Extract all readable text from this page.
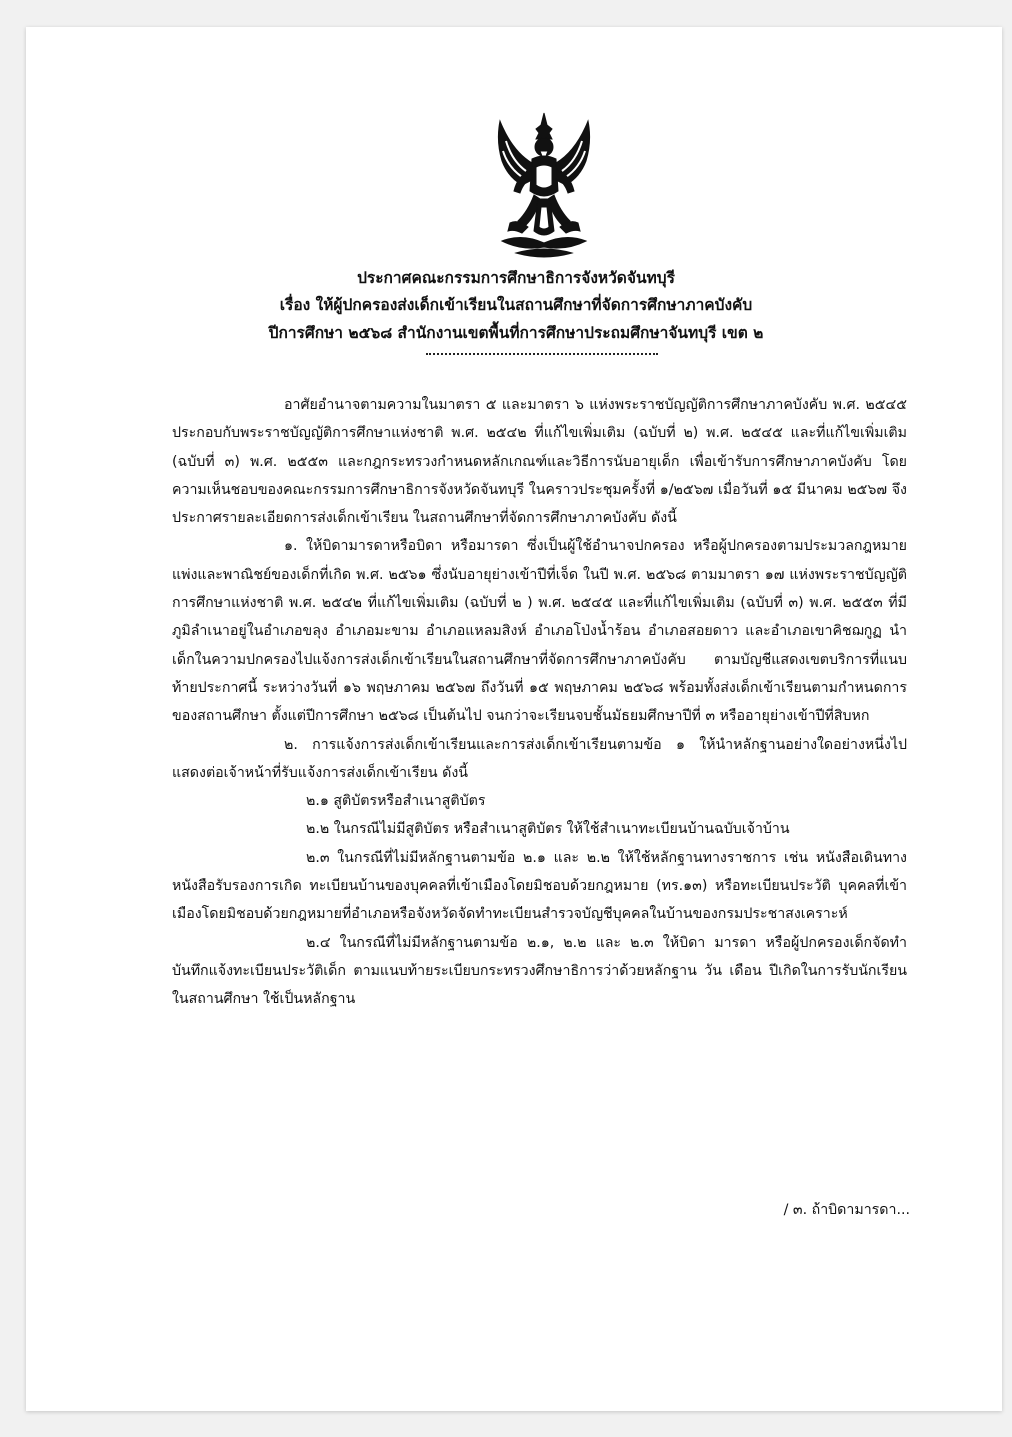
ประกาศคณะกรรมการศึกษาธิการจังหวัดจันทบุรี
เรื่อง ให้ผู้ปกครองส่งเด็กเข้าเรียนในสถานศึกษาที่จัดการศึกษาภาคบังคับ
ปีการศึกษา ๒๕๖๘ สำนักงานเขตพื้นที่การศึกษาประถมศึกษาจันทบุรี เขต ๒

อาศัยอำนาจตามความในมาตรา ๕ และมาตรา ๖ แห่งพระราชบัญญัติการศึกษาภาคบังคับ พ.ศ. ๒๕๔๕ ประกอบกับพระราชบัญญัติการศึกษาแห่งชาติ พ.ศ. ๒๕๔๒ ที่แก้ไขเพิ่มเติม (ฉบับที่ ๒) พ.ศ. ๒๕๔๕ และที่แก้ไขเพิ่มเติม (ฉบับที่ ๓) พ.ศ. ๒๕๕๓ และกฎกระทรวงกำหนดหลักเกณฑ์และวิธีการนับอายุเด็ก เพื่อเข้ารับการศึกษาภาคบังคับ โดยความเห็นชอบของคณะกรรมการศึกษาธิการจังหวัดจันทบุรี ในคราวประชุมครั้งที่ ๑/๒๕๖๗ เมื่อวันที่ ๑๕ มีนาคม ๒๕๖๗ จึงประกาศรายละเอียดการส่งเด็กเข้าเรียน ในสถานศึกษาที่จัดการศึกษาภาคบังคับ ดังนี้

๑. ให้บิดามารดาหรือบิดา หรือมารดา ซึ่งเป็นผู้ใช้อำนาจปกครอง หรือผู้ปกครองตามประมวลกฎหมายแพ่งและพาณิชย์ของเด็กที่เกิด พ.ศ. ๒๕๖๑ ซึ่งนับอายุย่างเข้าปีที่เจ็ด ในปี พ.ศ. ๒๕๖๘ ตามมาตรา ๑๗ แห่งพระราชบัญญัติการศึกษาแห่งชาติ พ.ศ. ๒๕๔๒ ที่แก้ไขเพิ่มเติม (ฉบับที่ ๒ ) พ.ศ. ๒๕๔๕ และที่แก้ไขเพิ่มเติม (ฉบับที่ ๓) พ.ศ. ๒๕๕๓ ที่มีภูมิลำเนาอยู่ในอำเภอขลุง อำเภอมะขาม อำเภอแหลมสิงห์ อำเภอโป่งน้ำร้อน อำเภอสอยดาว และอำเภอเขาคิชฌกูฏ นำเด็กในความปกครองไปแจ้งการส่งเด็กเข้าเรียนในสถานศึกษาที่จัดการศึกษาภาคบังคับ ตามบัญชีแสดงเขตบริการที่แนบท้ายประกาศนี้ ระหว่างวันที่ ๑๖ พฤษภาคม ๒๕๖๗ ถึงวันที่ ๑๕ พฤษภาคม ๒๕๖๘ พร้อมทั้งส่งเด็กเข้าเรียนตามกำหนดการของสถานศึกษา ตั้งแต่ปีการศึกษา ๒๕๖๘ เป็นต้นไป จนกว่าจะเรียนจบชั้นมัธยมศึกษาปีที่ ๓ หรืออายุย่างเข้าปีที่สิบหก

๒. การแจ้งการส่งเด็กเข้าเรียนและการส่งเด็กเข้าเรียนตามข้อ ๑ ให้นำหลักฐานอย่างใดอย่างหนึ่งไปแสดงต่อเจ้าหน้าที่รับแจ้งการส่งเด็กเข้าเรียน ดังนี้

๒.๑ สูติบัตรหรือสำเนาสูติบัตร

๒.๒ ในกรณีไม่มีสูติบัตร หรือสำเนาสูติบัตร ให้ใช้สำเนาทะเบียนบ้านฉบับเจ้าบ้าน

๒.๓ ในกรณีที่ไม่มีหลักฐานตามข้อ ๒.๑ และ ๒.๒ ให้ใช้หลักฐานทางราชการ เช่น หนังสือเดินทาง หนังสือรับรองการเกิด ทะเบียนบ้านของบุคคลที่เข้าเมืองโดยมิชอบด้วยกฎหมาย (ทร.๑๓) หรือทะเบียนประวัติ บุคคลที่เข้าเมืองโดยมิชอบด้วยกฎหมายที่อำเภอหรือจังหวัดจัดทำทะเบียนสำรวจบัญชีบุคคลในบ้านของกรมประชาสงเคราะห์

๒.๔ ในกรณีที่ไม่มีหลักฐานตามข้อ ๒.๑, ๒.๒ และ ๒.๓ ให้บิดา มารดา หรือผู้ปกครองเด็กจัดทำบันทึกแจ้งทะเบียนประวัติเด็ก ตามแนบท้ายระเบียบกระทรวงศึกษาธิการว่าด้วยหลักฐาน วัน เดือน ปีเกิดในการรับนักเรียนในสถานศึกษา ใช้เป็นหลักฐาน

/ ๓. ถ้าบิดามารดา...
